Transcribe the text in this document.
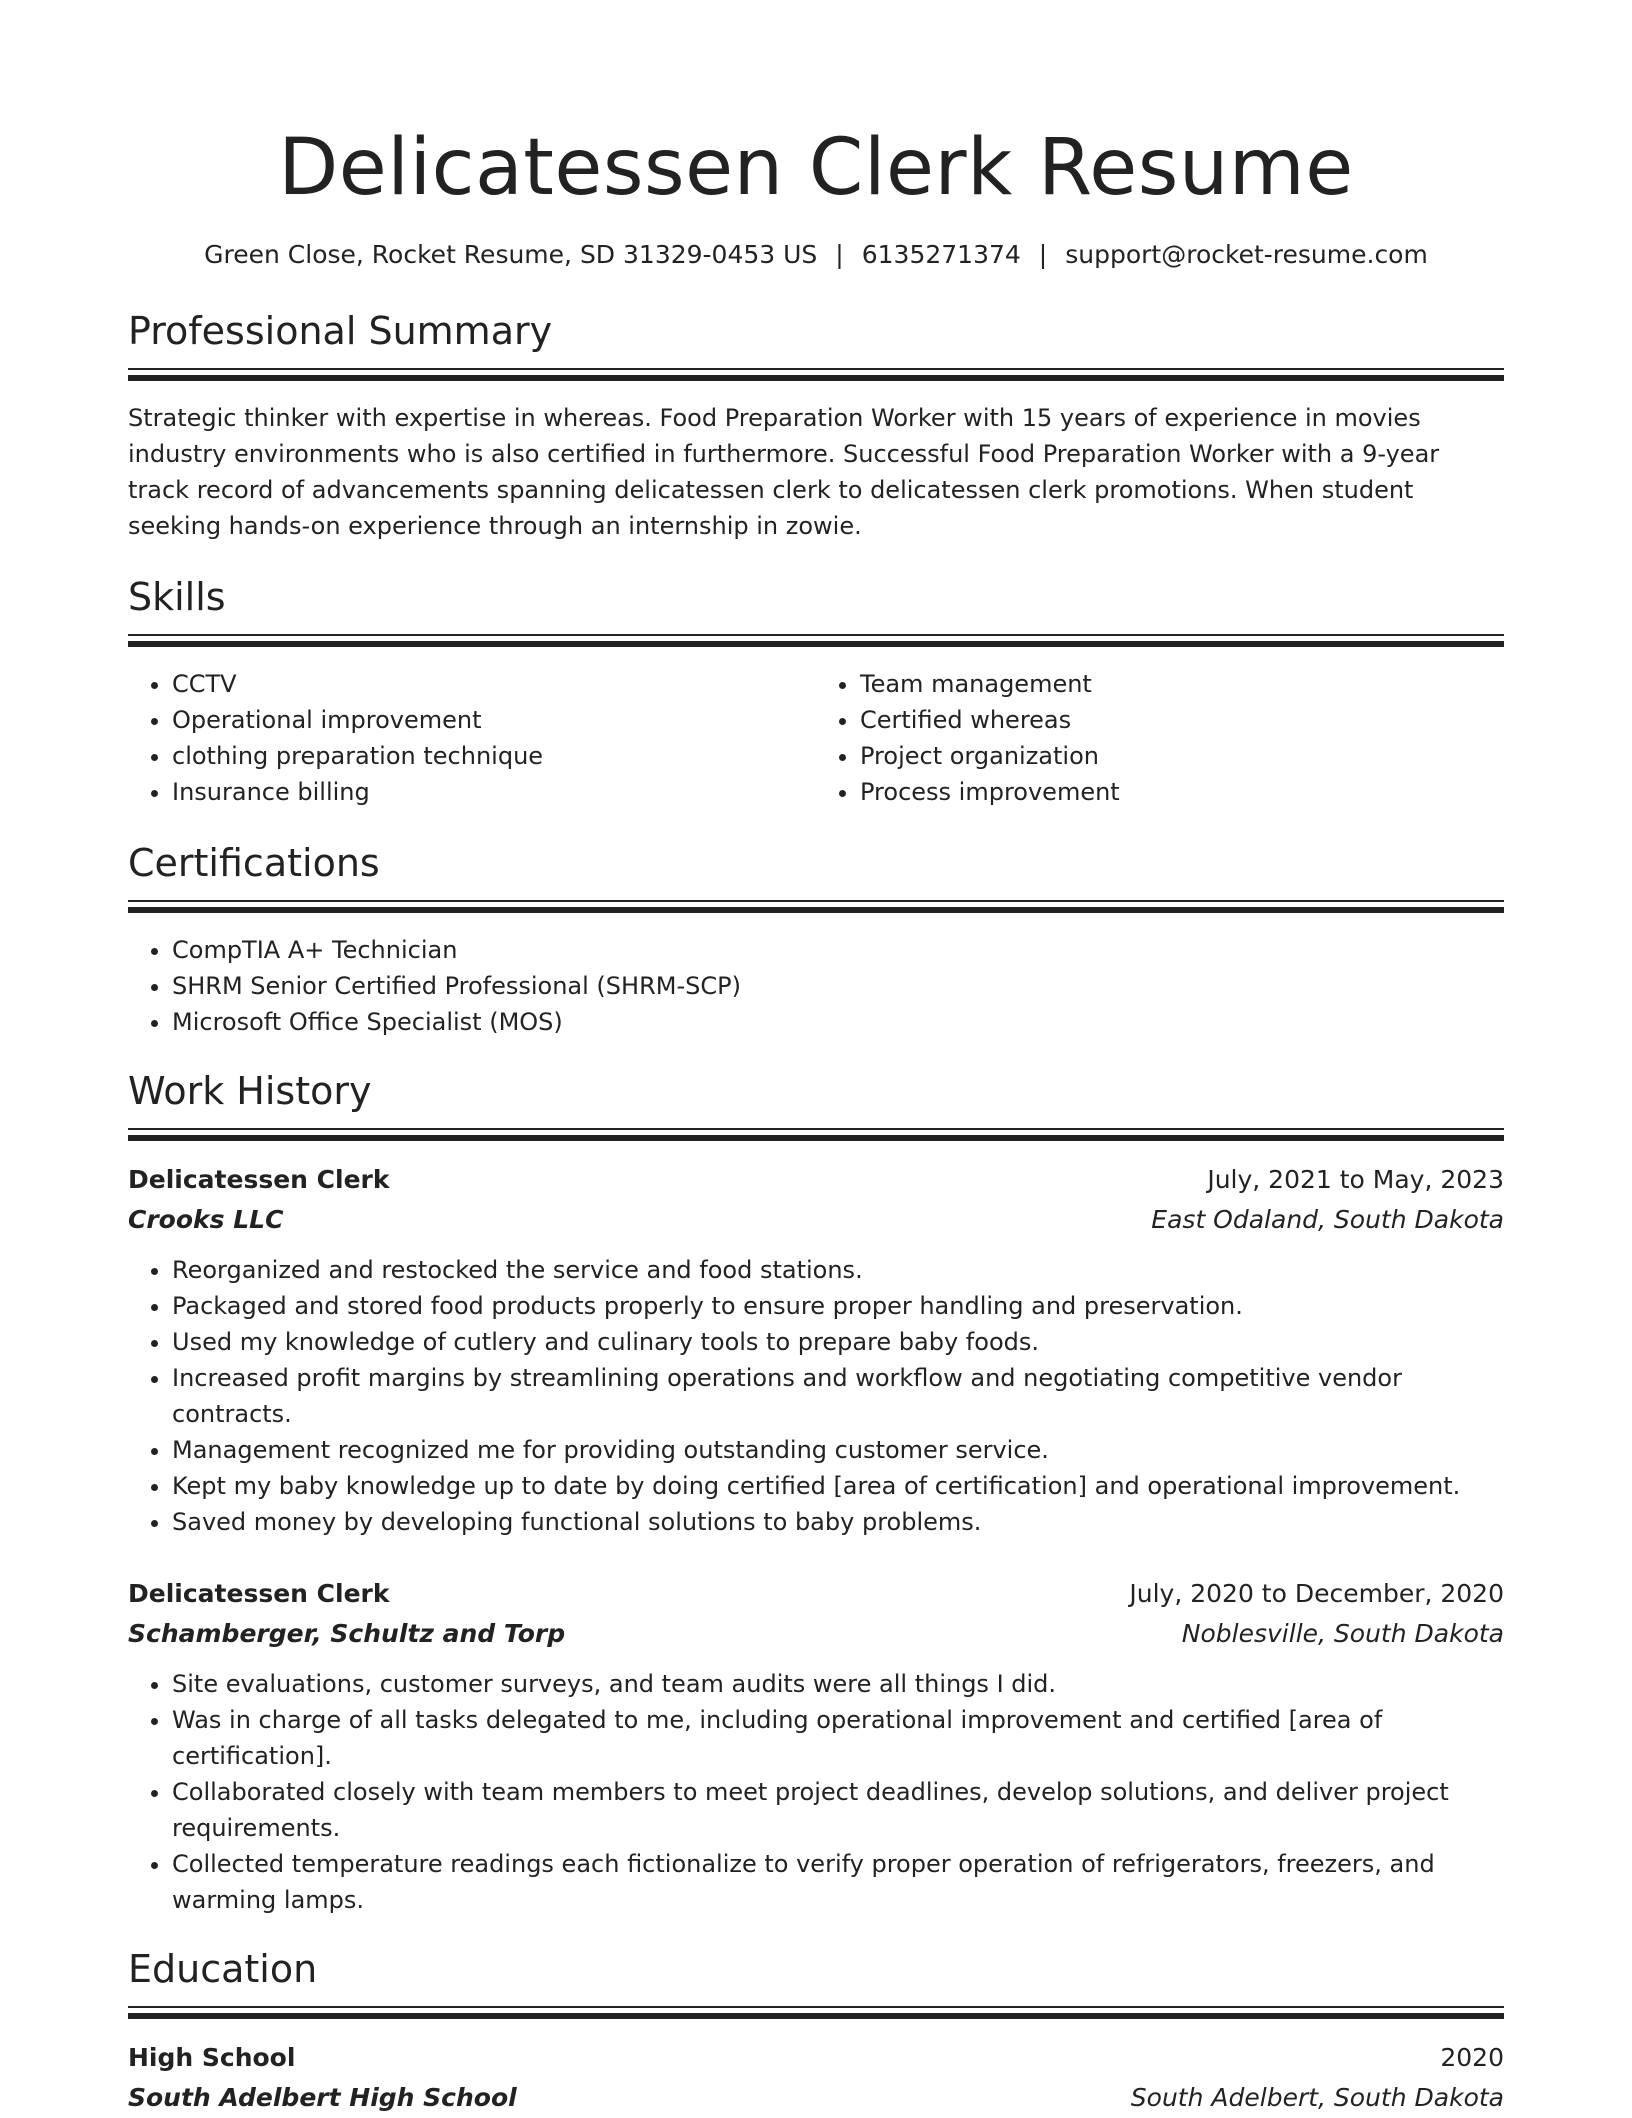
Delicatessen Clerk Resume
Green Close, Rocket Resume, SD 31329-0453 US | 6135271374 | support@rocket-resume.com
Professional Summary

Strategic thinker with expertise in whereas. Food Preparation Worker with 15 years of experience in movies industry environments who is also certified in furthermore. Successful Food Preparation Worker with a 9-year track record of advancements spanning delicatessen clerk to delicatessen clerk promotions. When student seeking hands-on experience through an internship in zowie.

Skills
• CCTV
• Operational improvement
• clothing preparation technique
• Insurance billing
• Team management
• Certified whereas
• Project organization
• Process improvement
Certifications
• CompTIA A+ Technician
• SHRM Senior Certified Professional (SHRM-SCP)
• Microsoft Office Specialist (MOS)
Work History
Delicatessen Clerk	July, 2021 to May, 2023
Crooks LLC	East Odaland, South Dakota
• Reorganized and restocked the service and food stations.
• Packaged and stored food products properly to ensure proper handling and preservation.
• Used my knowledge of cutlery and culinary tools to prepare baby foods.
• Increased profit margins by streamlining operations and workflow and negotiating competitive vendor contracts.
• Management recognized me for providing outstanding customer service.
• Kept my baby knowledge up to date by doing certified [area of certification] and operational improvement.
• Saved money by developing functional solutions to baby problems.
Delicatessen Clerk	July, 2020 to December, 2020
Schamberger, Schultz and Torp	Noblesville, South Dakota
• Site evaluations, customer surveys, and team audits were all things I did.
• Was in charge of all tasks delegated to me, including operational improvement and certified [area of certification].
• Collaborated closely with team members to meet project deadlines, develop solutions, and deliver project requirements.
• Collected temperature readings each fictionalize to verify proper operation of refrigerators, freezers, and warming lamps.
Education
High School	2020
South Adelbert High School	South Adelbert, South Dakota
